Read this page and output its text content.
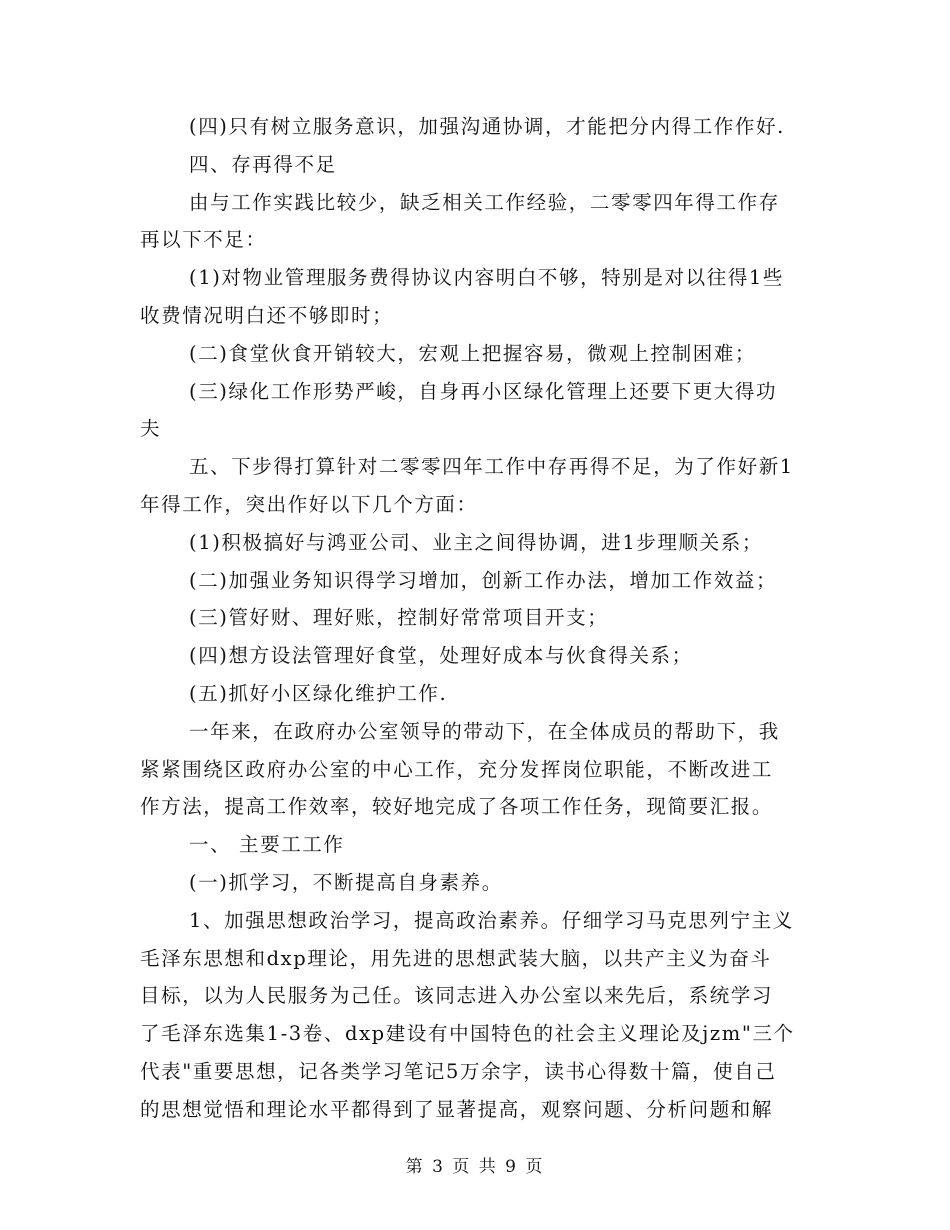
(四)只有树立服务意识，加强沟通协调，才能把分内得工作作好.
四、存再得不足
由与工作实践比较少，缺乏相关工作经验，二零零四年得工作存
再以下不足：
(1)对物业管理服务费得协议内容明白不够，特别是对以往得1些
收费情况明白还不够即时；
(二)食堂伙食开销较大，宏观上把握容易，微观上控制困难；
(三)绿化工作形势严峻，自身再小区绿化管理上还要下更大得功
夫
五、下步得打算针对二零零四年工作中存再得不足，为了作好新1
年得工作，突出作好以下几个方面：
(1)积极搞好与鸿亚公司、业主之间得协调，进1步理顺关系；
(二)加强业务知识得学习增加，创新工作办法，增加工作效益；
(三)管好财、理好账，控制好常常项目开支；
(四)想方设法管理好食堂，处理好成本与伙食得关系；
(五)抓好小区绿化维护工作.
一年来，在政府办公室领导的带动下，在全体成员的帮助下，我
紧紧围绕区政府办公室的中心工作，充分发挥岗位职能，不断改进工
作方法，提高工作效率，较好地完成了各项工作任务，现简要汇报。
一、 主要工工作
(一)抓学习，不断提高自身素养。
1、加强思想政治学习，提高政治素养。仔细学习马克思列宁主义
毛泽东思想和dxp理论，用先进的思想武装大脑，以共产主义为奋斗
目标，以为人民服务为己任。该同志进入办公室以来先后，系统学习
了毛泽东选集1-3卷、dxp建设有中国特色的社会主义理论及jzm"三个
代表"重要思想，记各类学习笔记5万余字，读书心得数十篇，使自己
的思想觉悟和理论水平都得到了显著提高，观察问题、分析问题和解
第 3 页 共 9 页
